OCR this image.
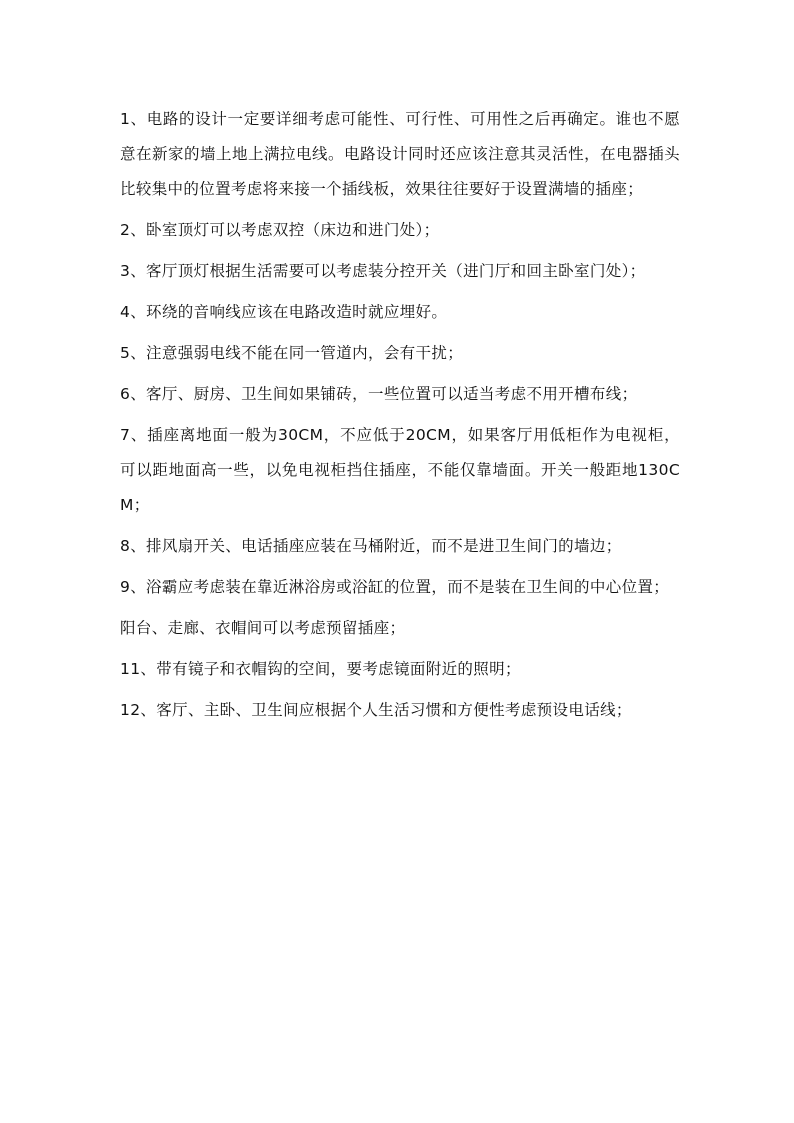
1、电路的设计一定要详细考虑可能性、可行性、可用性之后再确定。谁也不愿意在新家的墙上地上满拉电线。电路设计同时还应该注意其灵活性，在电器插头比较集中的位置考虑将来接一个插线板，效果往往要好于设置满墙的插座；

2、卧室顶灯可以考虑双控（床边和进门处）；

3、客厅顶灯根据生活需要可以考虑装分控开关（进门厅和回主卧室门处）；

4、环绕的音响线应该在电路改造时就应埋好。

5、注意强弱电线不能在同一管道内，会有干扰；

6、客厅、厨房、卫生间如果铺砖，一些位置可以适当考虑不用开槽布线；

7、插座离地面一般为30CM，不应低于20CM，如果客厅用低柜作为电视柜，可以距地面高一些，以免电视柜挡住插座，不能仅靠墙面。开关一般距地130CM；

8、排风扇开关、电话插座应装在马桶附近，而不是进卫生间门的墙边；

9、浴霸应考虑装在靠近淋浴房或浴缸的位置，而不是装在卫生间的中心位置；

阳台、走廊、衣帽间可以考虑预留插座；

11、带有镜子和衣帽钩的空间，要考虑镜面附近的照明；

12、客厅、主卧、卫生间应根据个人生活习惯和方便性考虑预设电话线；
